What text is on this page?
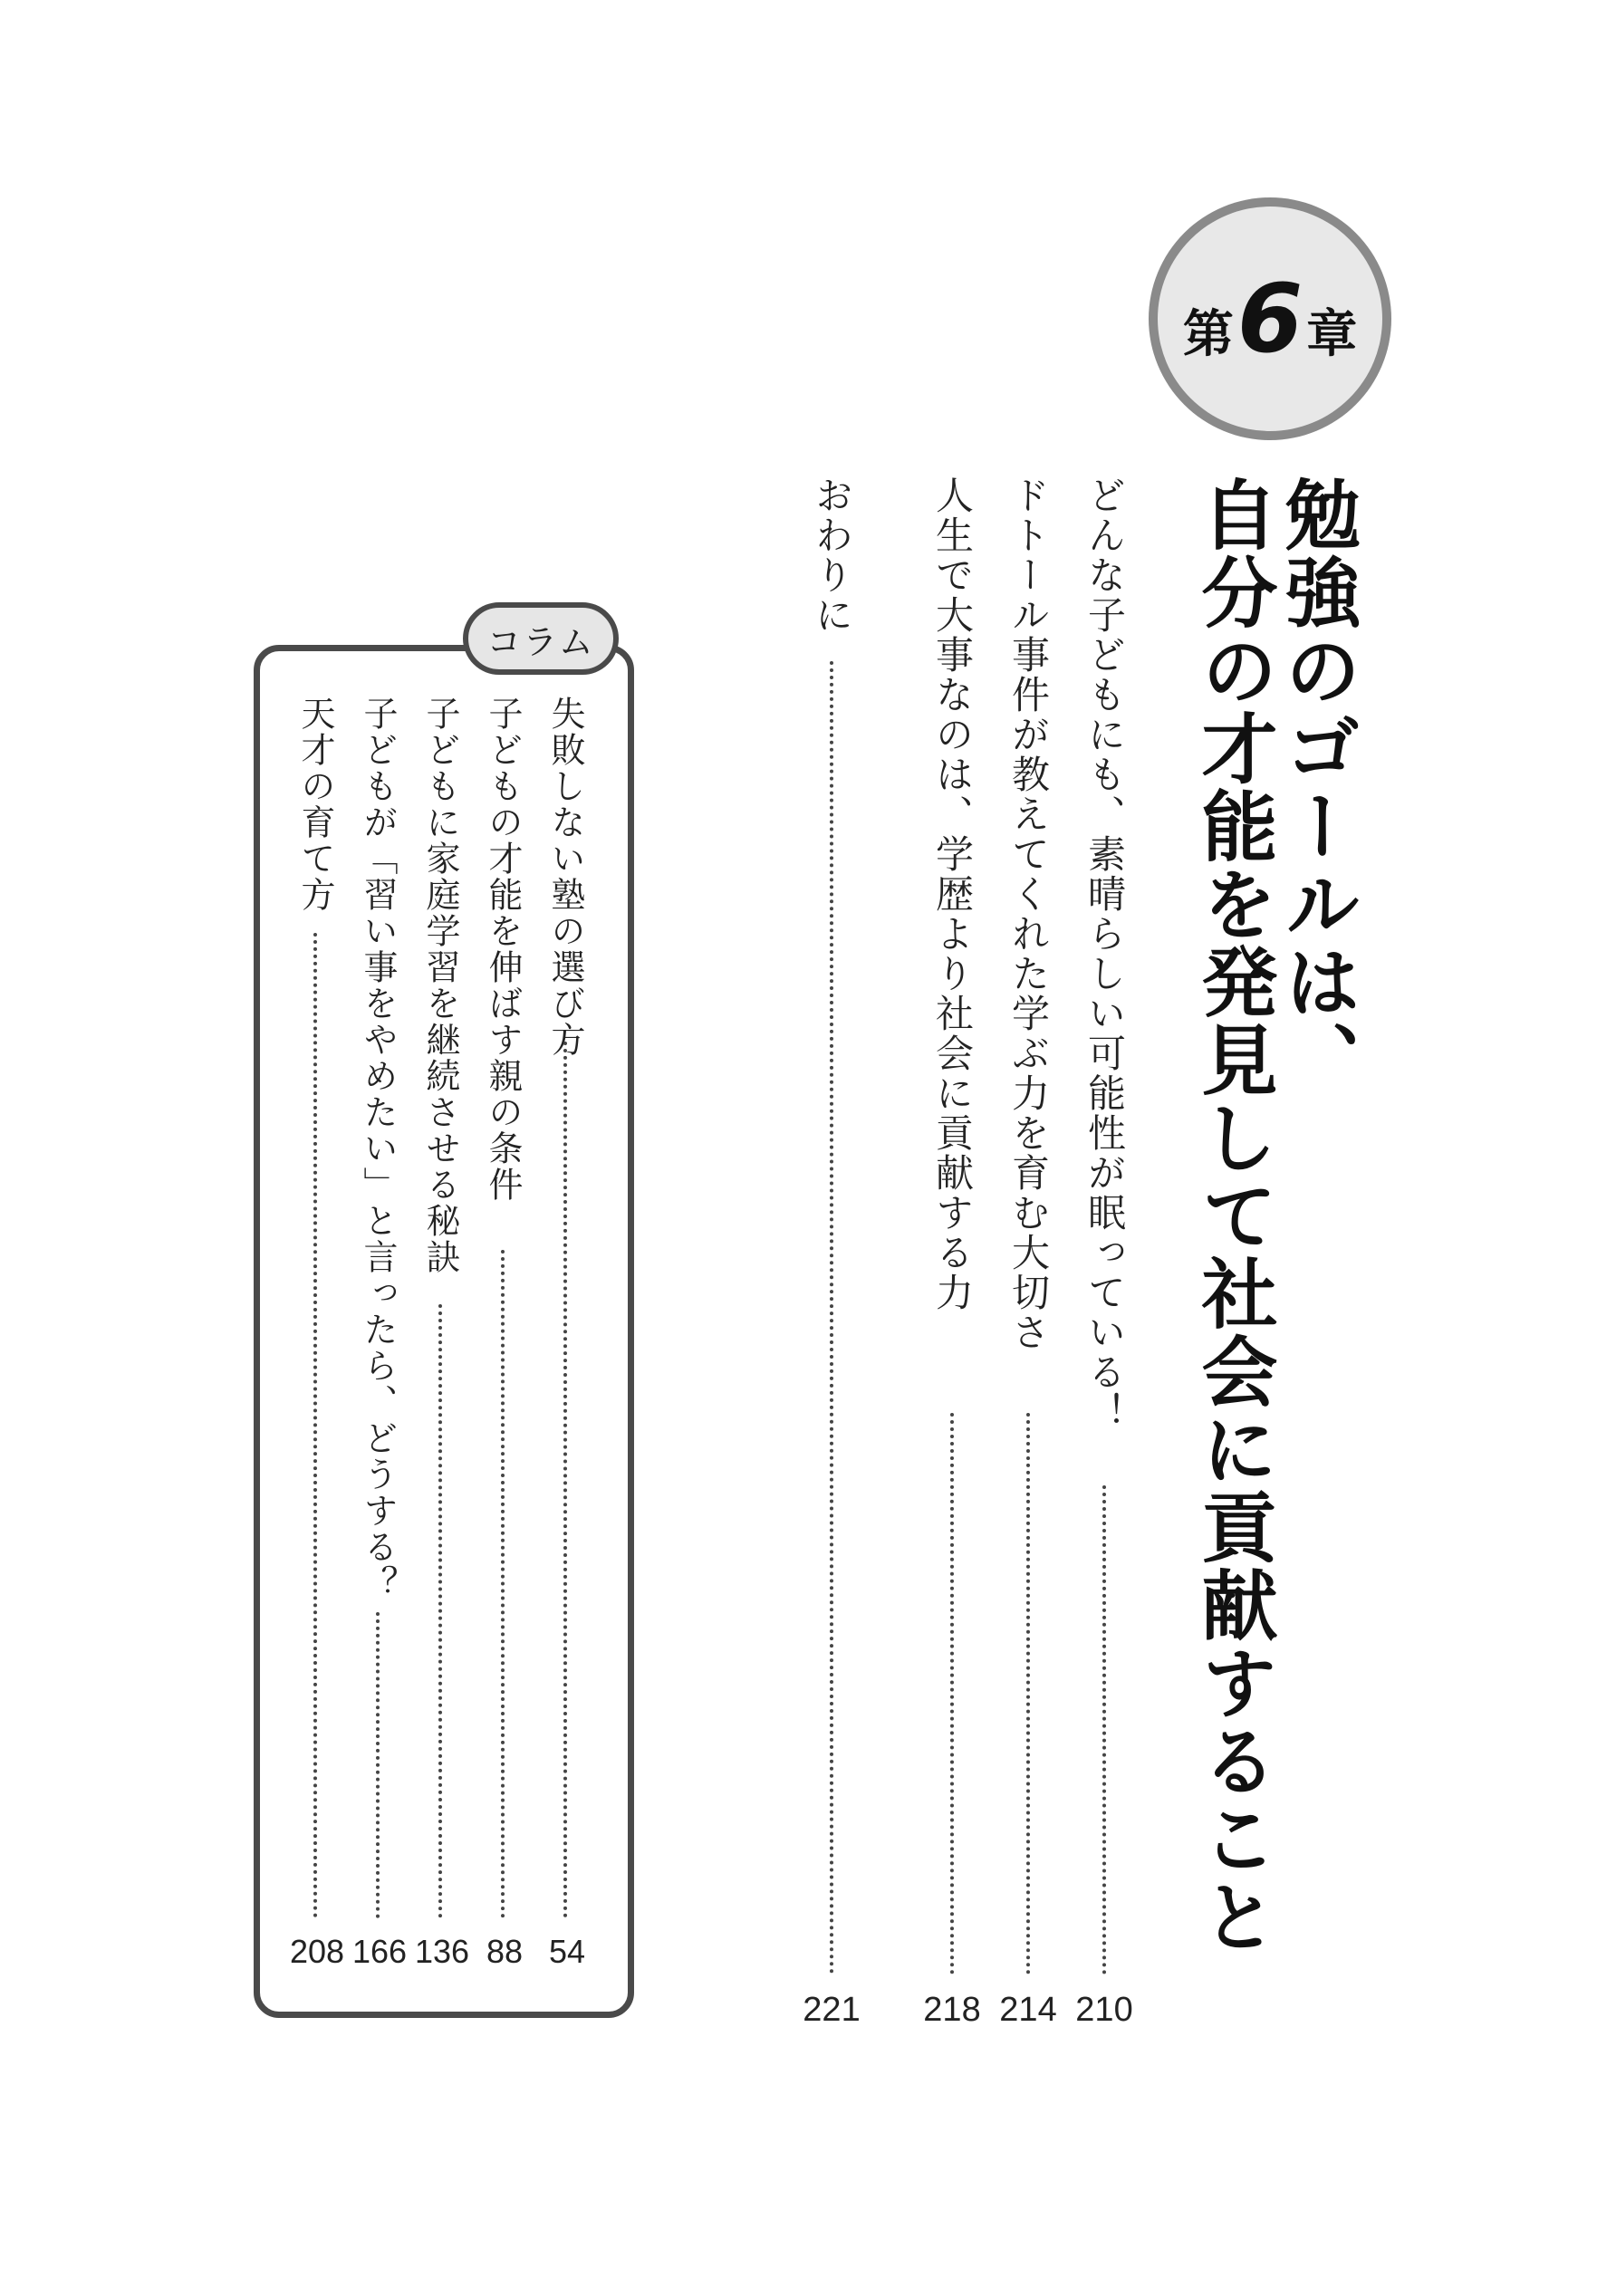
第 6 章
勉強のゴールは、
自分の才能を発見して社会に貢献すること
どんな子どもにも、素晴らしい可能性が眠っている！
210
ドトール事件が教えてくれた学ぶ力を育む大切さ
214
人生で大事なのは、学歴より社会に貢献する力
218
おわりに
221
コラム
失敗しない塾の選び方
54
子どもの才能を伸ばす親の条件
88
子どもに家庭学習を継続させる秘訣
136
子どもが「習い事をやめたい」と言ったら、どうする？
166
天才の育て方
208
